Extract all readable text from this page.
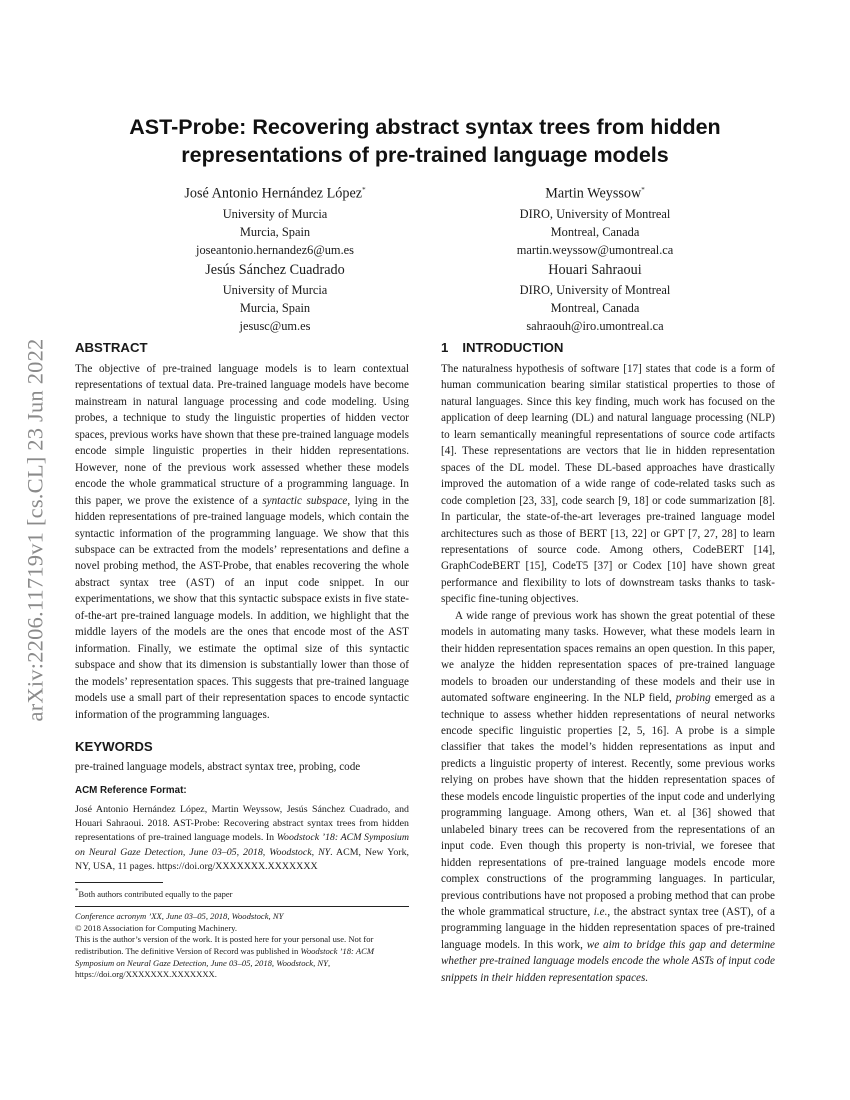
arXiv:2206.11719v1 [cs.CL] 23 Jun 2022
AST-Probe: Recovering abstract syntax trees from hidden representations of pre-trained language models
José Antonio Hernández López*
University of Murcia
Murcia, Spain
joseantonio.hernandez6@um.es
Martin Weyssow*
DIRO, University of Montreal
Montreal, Canada
martin.weyssow@umontreal.ca
Jesús Sánchez Cuadrado
University of Murcia
Murcia, Spain
jesusc@um.es
Houari Sahraoui
DIRO, University of Montreal
Montreal, Canada
sahraouh@iro.umontreal.ca
ABSTRACT

The objective of pre-trained language models is to learn contextual representations of textual data. Pre-trained language models have become mainstream in natural language processing and code modeling. Using probes, a technique to study the linguistic properties of hidden vector spaces, previous works have shown that these pre-trained language models encode simple linguistic properties in their hidden representations. However, none of the previous work assessed whether these models encode the whole grammatical structure of a programming language. In this paper, we prove the existence of a syntactic subspace, lying in the hidden representations of pre-trained language models, which contain the syntactic information of the programming language. We show that this subspace can be extracted from the models’ representations and define a novel probing method, the AST-Probe, that enables recovering the whole abstract syntax tree (AST) of an input code snippet. In our experimentations, we show that this syntactic subspace exists in five state-of-the-art pre-trained language models. In addition, we highlight that the middle layers of the models are the ones that encode most of the AST information. Finally, we estimate the optimal size of this syntactic subspace and show that its dimension is substantially lower than those of the models’ representation spaces. This suggests that pre-trained language models use a small part of their representation spaces to encode syntactic information of the programming languages.

KEYWORDS

pre-trained language models, abstract syntax tree, probing, code

ACM Reference Format:

José Antonio Hernández López, Martin Weyssow, Jesús Sánchez Cuadrado, and Houari Sahraoui. 2018. AST-Probe: Recovering abstract syntax trees from hidden representations of pre-trained language models. In Woodstock ’18: ACM Symposium on Neural Gaze Detection, June 03–05, 2018, Woodstock, NY. ACM, New York, NY, USA, 11 pages. https://doi.org/XXXXXXX.XXXXXXX

*Both authors contributed equally to the paper

Conference acronym ’XX, June 03–05, 2018, Woodstock, NY

© 2018 Association for Computing Machinery.

This is the author’s version of the work. It is posted here for your personal use. Not for redistribution. The definitive Version of Record was published in Woodstock ’18: ACM Symposium on Neural Gaze Detection, June 03–05, 2018, Woodstock, NY, https://doi.org/XXXXXXX.XXXXXXX.

1 INTRODUCTION

The naturalness hypothesis of software [17] states that code is a form of human communication bearing similar statistical properties to those of natural languages. Since this key finding, much work has focused on the application of deep learning (DL) and natural language processing (NLP) to learn semantically meaningful representations of source code artifacts [4]. These representations are vectors that lie in hidden representation spaces of the DL model. These DL-based approaches have drastically improved the automation of a wide range of code-related tasks such as code completion [23, 33], code search [9, 18] or code summarization [8]. In particular, the state-of-the-art leverages pre-trained language model architectures such as those of BERT [13, 22] or GPT [7, 27, 28] to learn representations of source code. Among others, CodeBERT [14], GraphCodeBERT [15], CodeT5 [37] or Codex [10] have shown great performance and flexibility to lots of downstream tasks thanks to task-specific fine-tuning objectives.

A wide range of previous work has shown the great potential of these models in automating many tasks. However, what these models learn in their hidden representation spaces remains an open question. In this paper, we analyze the hidden representation spaces of pre-trained language models to broaden our understanding of these models and their use in automated software engineering. In the NLP field, probing emerged as a technique to assess whether hidden representations of neural networks encode specific linguistic properties [2, 5, 16]. A probe is a simple classifier that takes the model’s hidden representations as input and predicts a linguistic property of interest. Recently, some previous works relying on probes have shown that the hidden representation spaces of these models encode linguistic properties of the input code and underlying programming language. Among others, Wan et. al [36] showed that unlabeled binary trees can be recovered from the representations of an input code. Even though this property is non-trivial, we foresee that hidden representations of pre-trained language models encode more complex constructions of the programming languages. In particular, previous contributions have not proposed a probing method that can probe the whole grammatical structure, i.e., the abstract syntax tree (AST), of a programming language in the hidden representation spaces of pre-trained language models. In this work, we aim to bridge this gap and determine whether pre-trained language models encode the whole ASTs of input code snippets in their hidden representation spaces.
